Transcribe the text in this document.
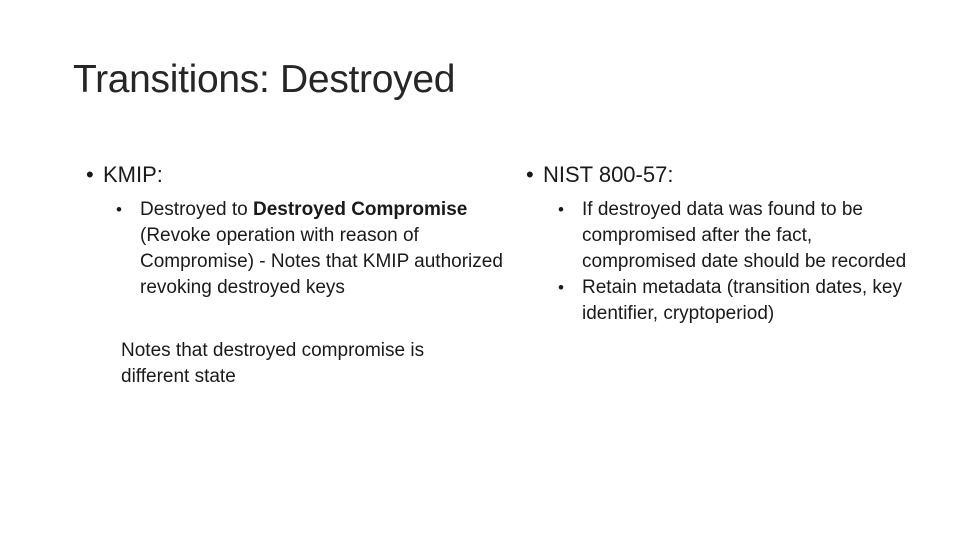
Transitions: Destroyed
• KMIP:
• Destroyed to Destroyed Compromise (Revoke operation with reason of Compromise) - Notes that KMIP authorized revoking destroyed keys
Notes that destroyed compromise is different state
• NIST 800-57:
• If destroyed data was found to be compromised after the fact, compromised date should be recorded
• Retain metadata (transition dates, key identifier, cryptoperiod)
